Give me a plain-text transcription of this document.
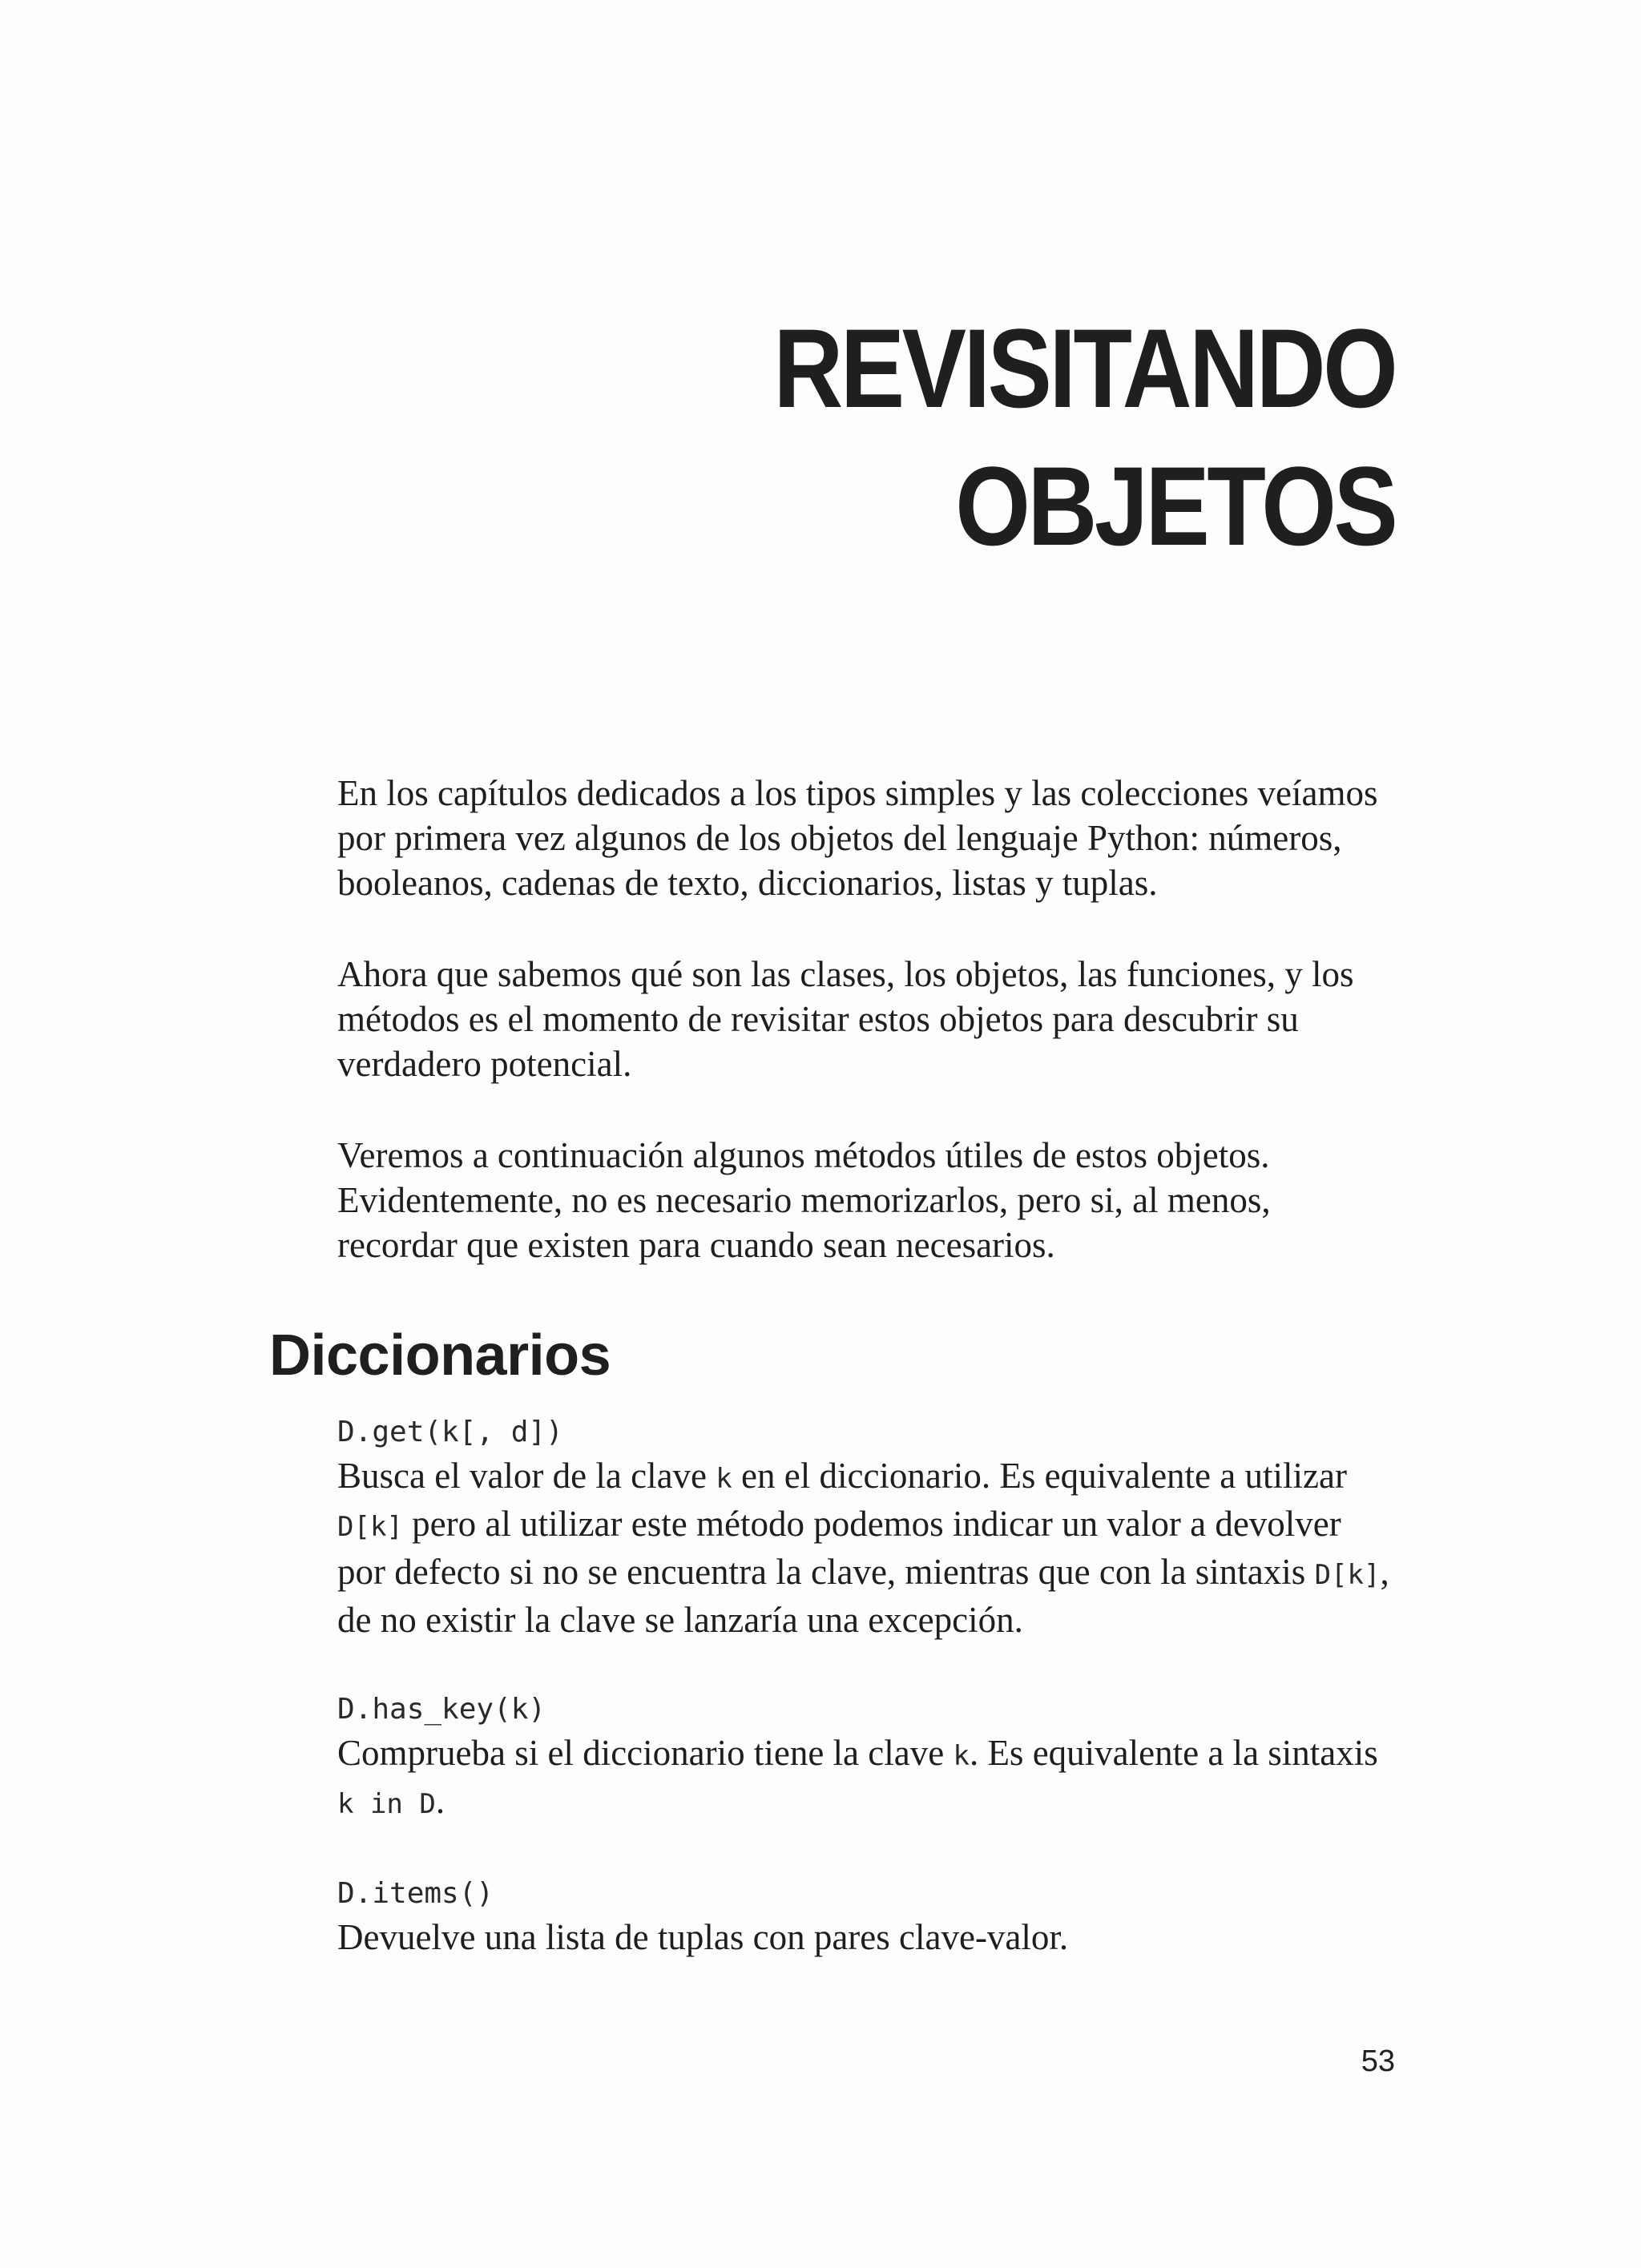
REVISITANDO
OBJETOS

En los capítulos dedicados a los tipos simples y las colecciones veíamos por primera vez algunos de los objetos del lenguaje Python: números, booleanos, cadenas de texto, diccionarios, listas y tuplas.

Ahora que sabemos qué son las clases, los objetos, las funciones, y los métodos es el momento de revisitar estos objetos para descubrir su verdadero potencial.

Veremos a continuación algunos métodos útiles de estos objetos. Evidentemente, no es necesario memorizarlos, pero si, al menos, recordar que existen para cuando sean necesarios.

Diccionarios
D.get(k[, d])
Busca el valor de la clave k en el diccionario. Es equivalente a utilizar D[k] pero al utilizar este método podemos indicar un valor a devolver por defecto si no se encuentra la clave, mientras que con la sintaxis D[k], de no existir la clave se lanzaría una excepción.
D.has_key(k)
Comprueba si el diccionario tiene la clave k. Es equivalente a la sintaxis k in D.
D.items()
Devuelve una lista de tuplas con pares clave-valor.
53
